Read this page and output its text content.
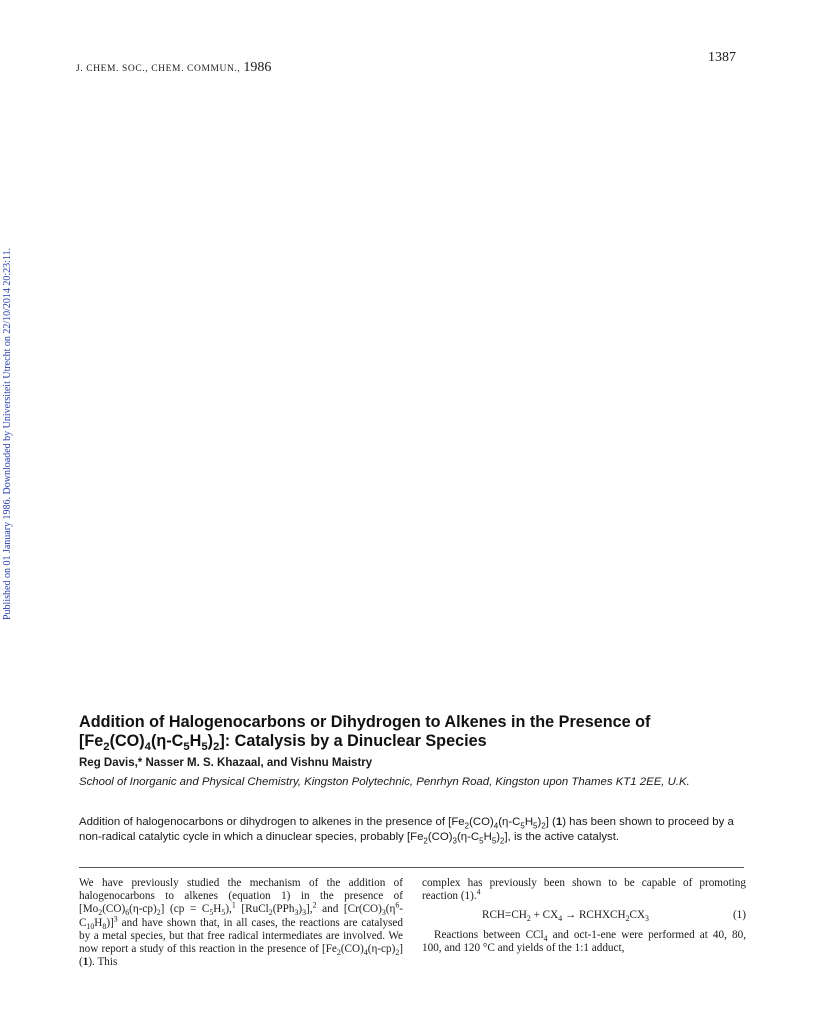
J. CHEM. SOC., CHEM. COMMUN., 1986
1387
Published on 01 January 1986. Downloaded by Universiteit Utrecht on 22/10/2014 20:23:11.
Addition of Halogenocarbons or Dihydrogen to Alkenes in the Presence of
$[Fe_2(CO)_4(\eta-C_5H_5)_2]$: Catalysis by a Dinuclear Species
Reg Davis,* Nasser M. S. Khazaal, and Vishnu Maistry
School of Inorganic and Physical Chemistry, Kingston Polytechnic, Penrhyn Road, Kingston upon Thames KT1 2EE, U.K.
Addition of halogenocarbons or dihydrogen to alkenes in the presence of $[Fe_2(CO)_4(\eta-C_5H_5)_2]$ (1) has been shown to proceed by a non-radical catalytic cycle in which a dinuclear species, probably $[Fe_2(CO)_3(\eta-C_5H_5)_2]$, is the active catalyst.
We have previously studied the mechanism of the addition of halogenocarbons to alkenes (equation 1) in the presence of $[Mo_2(CO)_6(\eta-cp)_2] (cp = C_5H_5),^1$ $[RuCl_2(PPh_3)_3],^2$ and $[Cr(CO)_3(\eta^6-C_{10}H_8)]^3$ and have shown that, in all cases, the reactions are catalysed by a metal species, but that free radical intermediates are involved. We now report a study of this reaction in the presence of $[Fe_2(CO)_4(\eta-cp)_2]$ (1). This
complex has previously been shown to be capable of promoting reaction (1).$^4$
$RCH=CH_2 + CX_4$ → $RCHXCH_2CX_3$	(1)
Reactions between CCl$_4$ and oct-1-ene were performed at 40, 80, 100, and 120 °C and yields of the 1:1 adduct,
